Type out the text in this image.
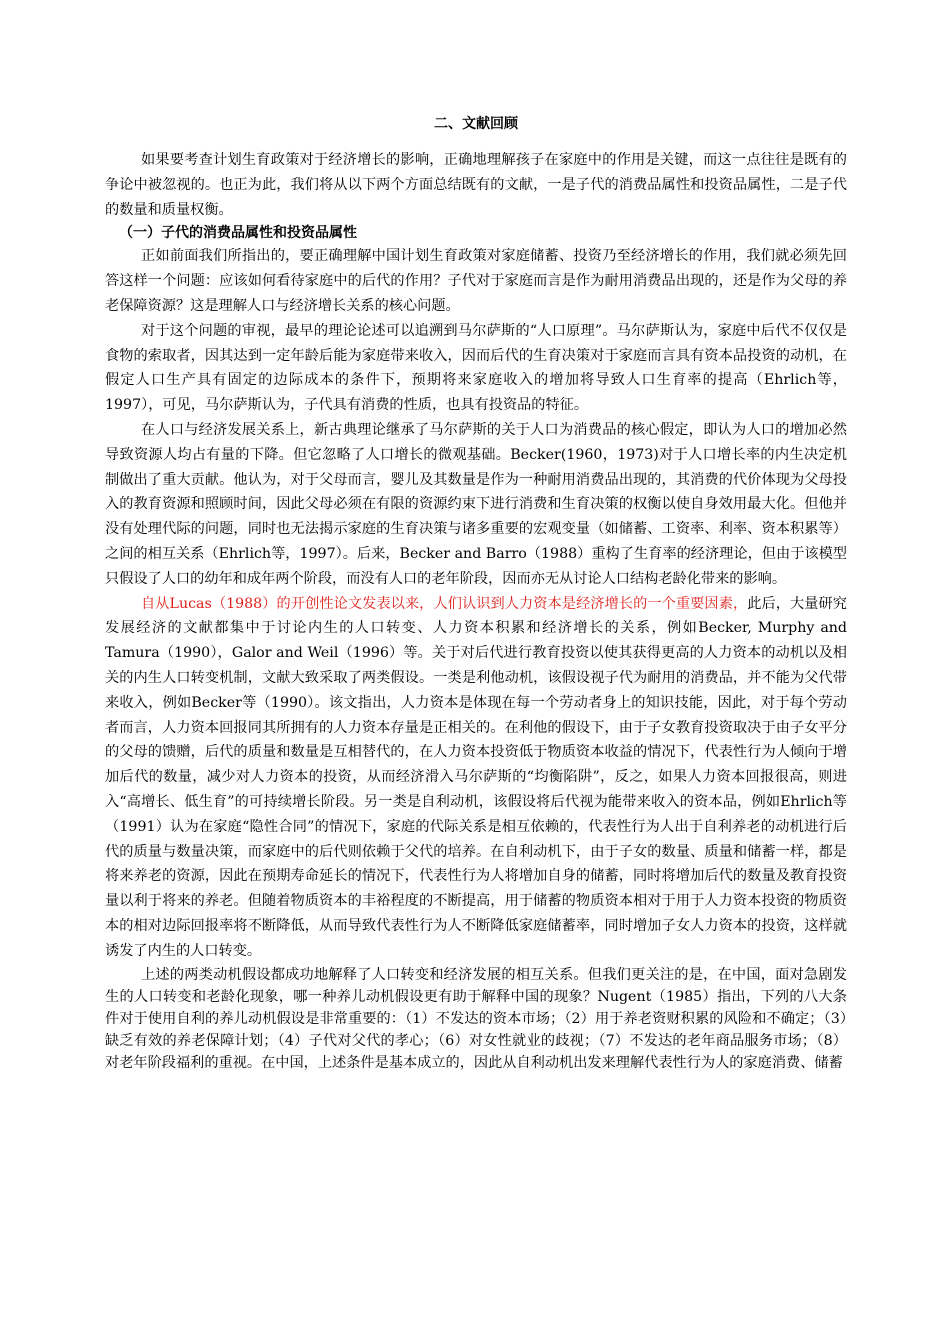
二、文献回顾

如果要考查计划生育政策对于经济增长的影响，正确地理解孩子在家庭中的作用是关键，而这一点往往是既有的争论中被忽视的。也正为此，我们将从以下两个方面总结既有的文献，一是子代的消费品属性和投资品属性，二是子代的数量和质量权衡。

（一）子代的消费品属性和投资品属性

正如前面我们所指出的，要正确理解中国计划生育政策对家庭储蓄、投资乃至经济增长的作用，我们就必须先回答这样一个问题：应该如何看待家庭中的后代的作用？子代对于家庭而言是作为耐用消费品出现的，还是作为父母的养老保障资源？这是理解人口与经济增长关系的核心问题。

对于这个问题的审视，最早的理论论述可以追溯到马尔萨斯的“人口原理”。马尔萨斯认为，家庭中后代不仅仅是食物的索取者，因其达到一定年龄后能为家庭带来收入，因而后代的生育决策对于家庭而言具有资本品投资的动机，在假定人口生产具有固定的边际成本的条件下，预期将来家庭收入的增加将导致人口生育率的提高（Ehrlich等，1997），可见，马尔萨斯认为，子代具有消费的性质，也具有投资品的特征。

在人口与经济发展关系上，新古典理论继承了马尔萨斯的关于人口为消费品的核心假定，即认为人口的增加必然导致资源人均占有量的下降。但它忽略了人口增长的微观基础。Becker(1960，1973)对于人口增长率的内生决定机制做出了重大贡献。他认为，对于父母而言，婴儿及其数量是作为一种耐用消费品出现的，其消费的代价体现为父母投入的教育资源和照顾时间，因此父母必须在有限的资源约束下进行消费和生育决策的权衡以使自身效用最大化。但他并没有处理代际的问题，同时也无法揭示家庭的生育决策与诸多重要的宏观变量（如储蓄、工资率、利率、资本积累等）之间的相互关系（Ehrlich等，1997）。后来，Becker and Barro（1988）重构了生育率的经济理论，但由于该模型只假设了人口的幼年和成年两个阶段，而没有人口的老年阶段，因而亦无从讨论人口结构老龄化带来的影响。

自从Lucas（1988）的开创性论文发表以来，人们认识到人力资本是经济增长的一个重要因素，此后，大量研究发展经济的文献都集中于讨论内生的人口转变、人力资本积累和经济增长的关系，例如Becker, Murphy and Tamura（1990），Galor and Weil（1996）等。关于对后代进行教育投资以使其获得更高的人力资本的动机以及相关的内生人口转变机制，文献大致采取了两类假设。一类是利他动机，该假设视子代为耐用的消费品，并不能为父代带来收入，例如Becker等（1990）。该文指出，人力资本是体现在每一个劳动者身上的知识技能，因此，对于每个劳动者而言，人力资本回报同其所拥有的人力资本存量是正相关的。在利他的假设下，由于子女教育投资取决于由子女平分的父母的馈赠，后代的质量和数量是互相替代的，在人力资本投资低于物质资本收益的情况下，代表性行为人倾向于增加后代的数量，减少对人力资本的投资，从而经济滑入马尔萨斯的“均衡陷阱”，反之，如果人力资本回报很高，则进入“高增长、低生育”的可持续增长阶段。另一类是自利动机，该假设将后代视为能带来收入的资本品，例如Ehrlich等（1991）认为在家庭“隐性合同”的情况下，家庭的代际关系是相互依赖的，代表性行为人出于自利养老的动机进行后代的质量与数量决策，而家庭中的后代则依赖于父代的培养。在自利动机下，由于子女的数量、质量和储蓄一样，都是将来养老的资源，因此在预期寿命延长的情况下，代表性行为人将增加自身的储蓄，同时将增加后代的数量及教育投资量以利于将来的养老。但随着物质资本的丰裕程度的不断提高，用于储蓄的物质资本相对于用于人力资本投资的物质资本的相对边际回报率将不断降低，从而导致代表性行为人不断降低家庭储蓄率，同时增加子女人力资本的投资，这样就诱发了内生的人口转变。

上述的两类动机假设都成功地解释了人口转变和经济发展的相互关系。但我们更关注的是，在中国，面对急剧发生的人口转变和老龄化现象，哪一种养儿动机假设更有助于解释中国的现象？Nugent（1985）指出，下列的八大条件对于使用自利的养儿动机假设是非常重要的：（1）不发达的资本市场；（2）用于养老资财积累的风险和不确定；（3）缺乏有效的养老保障计划；（4）子代对父代的孝心；（6）对女性就业的歧视；（7）不发达的老年商品服务市场；（8）对老年阶段福利的重视。在中国，上述条件是基本成立的，因此从自利动机出发来理解代表性行为人的家庭消费、储蓄
